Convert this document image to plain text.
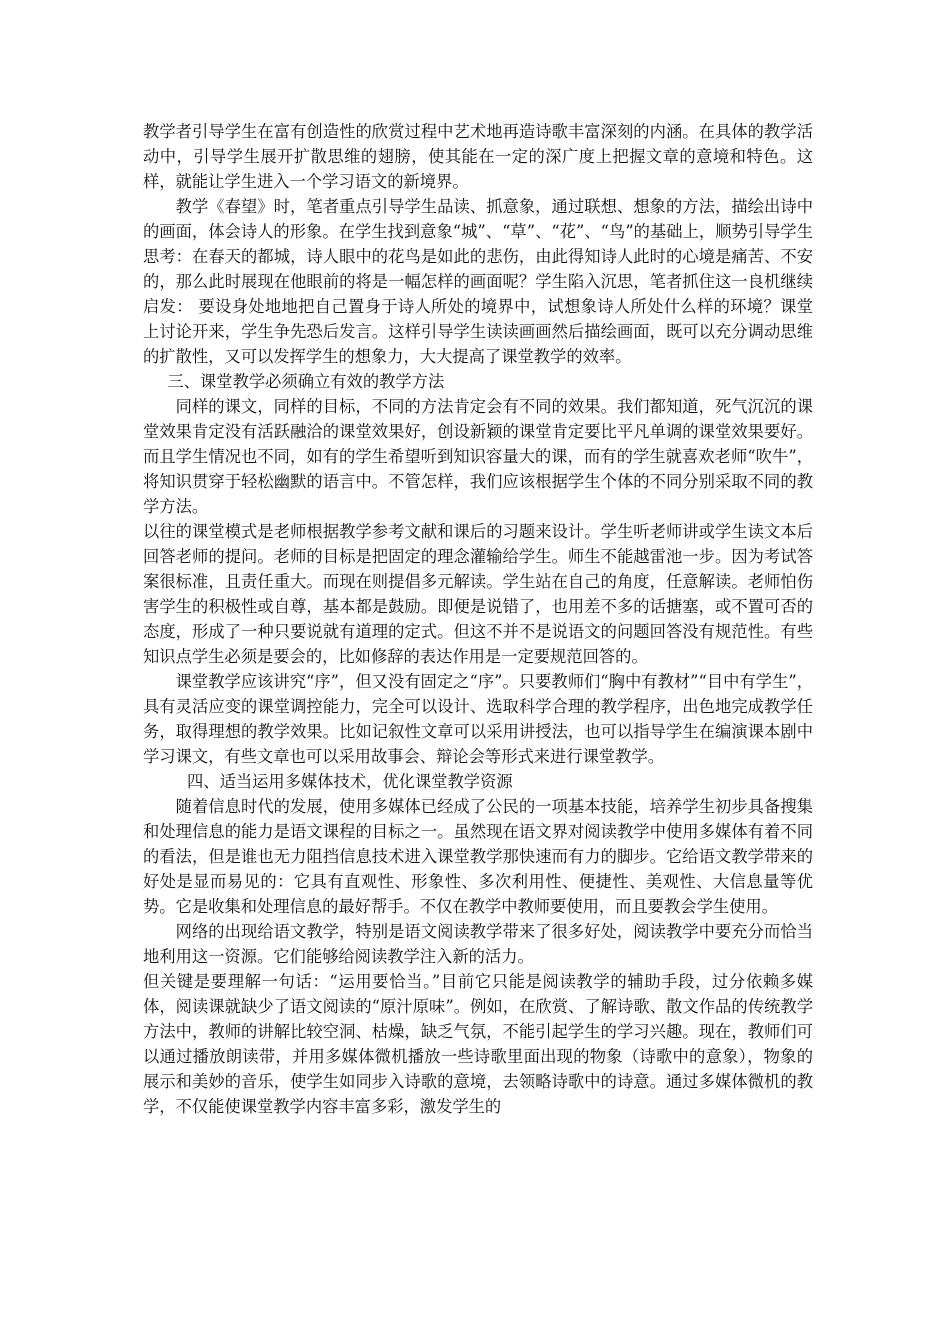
教学者引导学生在富有创造性的欣赏过程中艺术地再造诗歌丰富深刻的内涵。在具体的教学活动中，引导学生展开扩散思维的翅膀，使其能在一定的深广度上把握文章的意境和特色。这样，就能让学生进入一个学习语文的新境界。

教学《春望》时，笔者重点引导学生品读、抓意象，通过联想、想象的方法，描绘出诗中的画面，体会诗人的形象。在学生找到意象“城”、“草”、“花”、“鸟”的基础上，顺势引导学生思考：在春天的都城，诗人眼中的花鸟是如此的悲伤，由此得知诗人此时的心境是痛苦、不安的，那么此时展现在他眼前的将是一幅怎样的画面呢？学生陷入沉思，笔者抓住这一良机继续启发： 要设身处地地把自己置身于诗人所处的境界中，试想象诗人所处什么样的环境？课堂上讨论开来，学生争先恐后发言。这样引导学生读读画画然后描绘画面，既可以充分调动思维的扩散性，又可以发挥学生的想象力，大大提高了课堂教学的效率。

三、课堂教学必须确立有效的教学方法

同样的课文，同样的目标，不同的方法肯定会有不同的效果。我们都知道，死气沉沉的课堂效果肯定没有活跃融洽的课堂效果好，创设新颖的课堂肯定要比平凡单调的课堂效果要好。而且学生情况也不同，如有的学生希望听到知识容量大的课，而有的学生就喜欢老师“吹牛”，将知识贯穿于轻松幽默的语言中。不管怎样，我们应该根据学生个体的不同分别采取不同的教学方法。

以往的课堂模式是老师根据教学参考文献和课后的习题来设计。学生听老师讲或学生读文本后回答老师的提问。老师的目标是把固定的理念灌输给学生。师生不能越雷池一步。因为考试答案很标准，且责任重大。而现在则提倡多元解读。学生站在自己的角度，任意解读。老师怕伤害学生的积极性或自尊，基本都是鼓励。即便是说错了，也用差不多的话搪塞，或不置可否的态度，形成了一种只要说就有道理的定式。但这不并不是说语文的问题回答没有规范性。有些知识点学生必须是要会的，比如修辞的表达作用是一定要规范回答的。

课堂教学应该讲究“序”，但又没有固定之“序”。只要教师们“胸中有教材”“目中有学生”，具有灵活应变的课堂调控能力，完全可以设计、选取科学合理的教学程序，出色地完成教学任务，取得理想的教学效果。比如记叙性文章可以采用讲授法，也可以指导学生在编演课本剧中学习课文，有些文章也可以采用故事会、辩论会等形式来进行课堂教学。

四、适当运用多媒体技术，优化课堂教学资源

随着信息时代的发展，使用多媒体已经成了公民的一项基本技能，培养学生初步具备搜集和处理信息的能力是语文课程的目标之一。虽然现在语文界对阅读教学中使用多媒体有着不同的看法，但是谁也无力阻挡信息技术进入课堂教学那快速而有力的脚步。它给语文教学带来的好处是显而易见的：它具有直观性、形象性、多次利用性、便捷性、美观性、大信息量等优势。它是收集和处理信息的最好帮手。不仅在教学中教师要使用，而且要教会学生使用。

网络的出现给语文教学，特别是语文阅读教学带来了很多好处，阅读教学中要充分而恰当地利用这一资源。它们能够给阅读教学注入新的活力。

但关键是要理解一句话：“运用要恰当。”目前它只能是阅读教学的辅助手段，过分依赖多媒体，阅读课就缺少了语文阅读的“原汁原味”。例如，在欣赏、了解诗歌、散文作品的传统教学方法中，教师的讲解比较空洞、枯燥，缺乏气氛，不能引起学生的学习兴趣。现在，教师们可以通过播放朗读带，并用多媒体微机播放一些诗歌里面出现的物象（诗歌中的意象），物象的展示和美妙的音乐，使学生如同步入诗歌的意境，去领略诗歌中的诗意。通过多媒体微机的教学，不仅能使课堂教学内容丰富多彩，激发学生的
